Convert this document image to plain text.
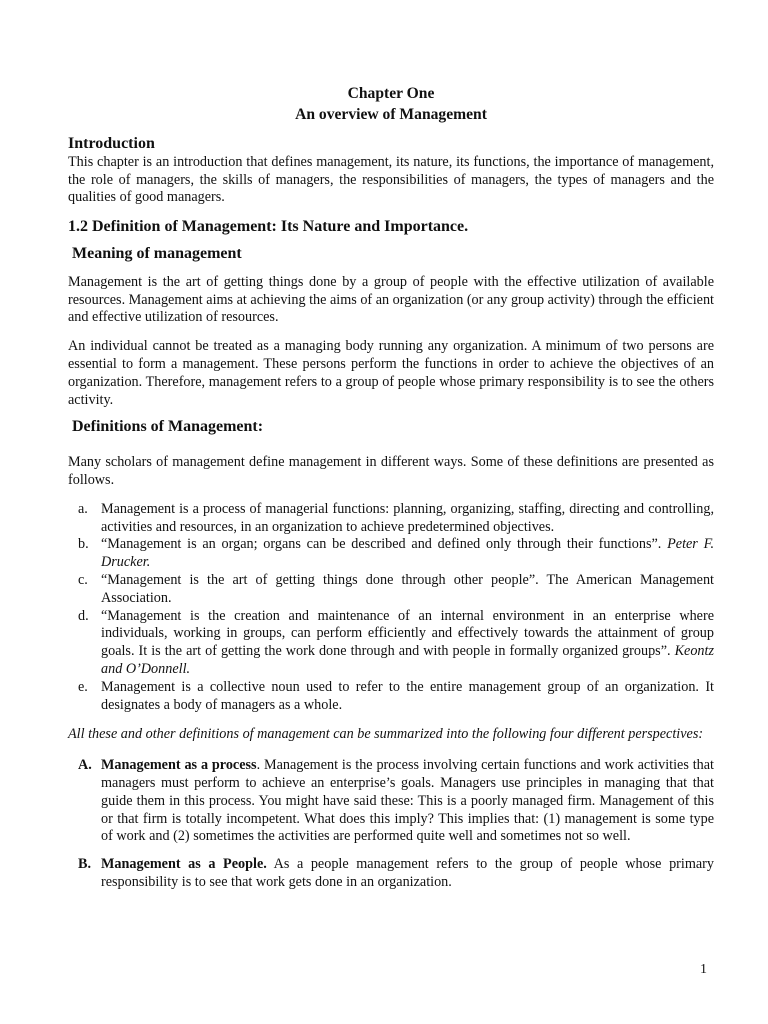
Chapter One
An overview of Management
Introduction

This chapter is an introduction that defines management, its nature, its functions, the importance of management, the role of managers, the skills of managers, the responsibilities of managers, the types of managers and the qualities of good managers.

1.2 Definition of Management: Its Nature and Importance.
Meaning of management

Management is the art of getting things done by a group of people with the effective utilization of available resources. Management aims at achieving the aims of an organization (or any group activity) through the efficient and effective utilization of resources.

An individual cannot be treated as a managing body running any organization. A minimum of two persons are essential to form a management. These persons perform the functions in order to achieve the objectives of an organization. Therefore, management refers to a group of people whose primary responsibility is to see the others activity.

Definitions of Management:

Many scholars of management define management in different ways. Some of these definitions are presented as follows.

a. Management is a process of managerial functions: planning, organizing, staffing, directing and controlling, activities and resources, in an organization to achieve predetermined objectives.
b. “Management is an organ; organs can be described and defined only through their functions”. Peter F. Drucker.
c. “Management is the art of getting things done through other people”. The American Management Association.
d. “Management is the creation and maintenance of an internal environment in an enterprise where individuals, working in groups, can perform efficiently and effectively towards the attainment of group goals. It is the art of getting the work done through and with people in formally organized groups”. Keontz and O’Donnell.
e. Management is a collective noun used to refer to the entire management group of an organization. It designates a body of managers as a whole.

All these and other definitions of management can be summarized into the following four different perspectives:

A. Management as a process. Management is the process involving certain functions and work activities that managers must perform to achieve an enterprise’s goals. Managers use principles in managing that that guide them in this process. You might have said these: This is a poorly managed firm. Management of this or that firm is totally incompetent. What does this imply? This implies that: (1) management is some type of work and (2) sometimes the activities are performed quite well and sometimes not so well.
B. Management as a People. As a people management refers to the group of people whose primary responsibility is to see that work gets done in an organization.
1
